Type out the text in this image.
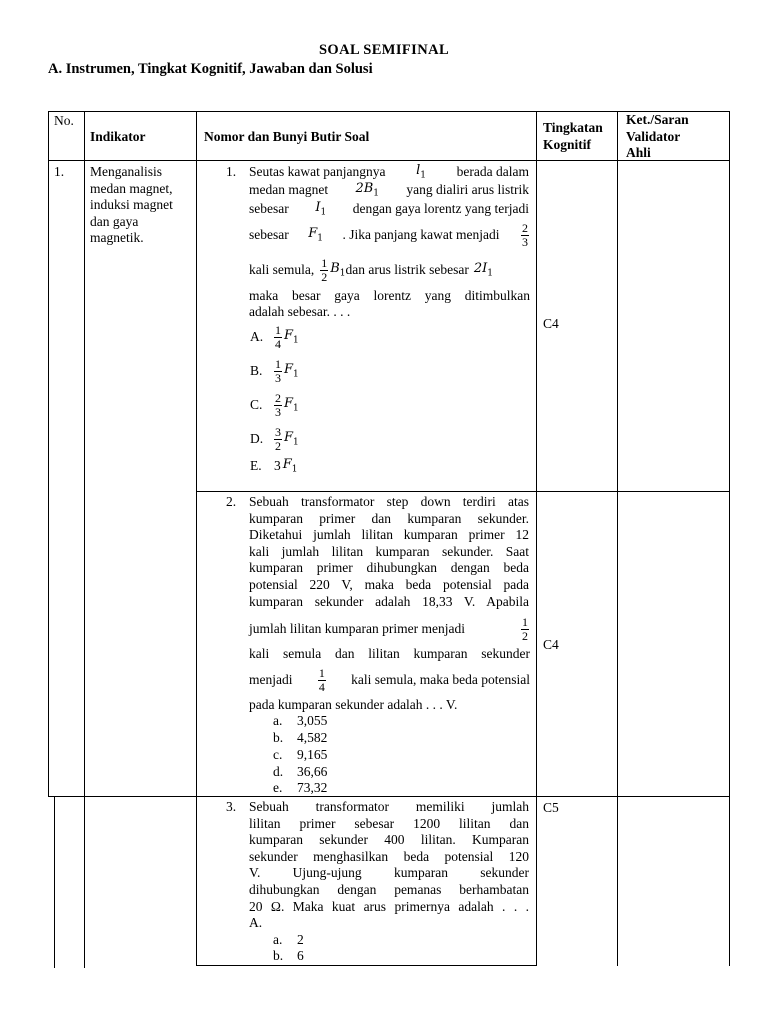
SOAL SEMIFINAL
A. Instrumen, Tingkat Kognitif, Jawaban dan Solusi
No.
Indikator	Nomor dan Bunyi Butir Soal
Tingkatan
Kognitif
Ket./Saran
Validator
Ahli
1. Menganalisis
medan magnet,
induksi magnet
dan gaya
magnetik.
1. Seutas kawat panjangnya $l_1$ berada dalam
medan magnet $2B_1$ yang dialiri arus listrik
sebesar $I_1$ dengan gaya lorentz yang terjadi
sebesar $F_1$ . Jika panjang kawat menjadi $\frac{2}{3}$
kali semula, $\frac{1}{2} B_1$ dan arus listrik sebesar $2I_1$
maka besar gaya lorentz yang ditimbulkan
adalah sebesar. . . .
C4
A. $\frac{1}{4} F_1$
B. $\frac{1}{3} F_1$
C. $\frac{2}{3} F_1$
D. $\frac{3}{2} F_1$
E. 3 $F_1$
2. Sebuah transformator step down terdiri atas
kumparan primer dan kumparan sekunder.
Diketahui jumlah lilitan kumparan primer 12
kali jumlah lilitan kumparan sekunder. Saat
kumparan primer dihubungkan dengan beda
potensial 220 V, maka beda potensial pada
kumparan sekunder adalah 18,33 V. Apabila
jumlah lilitan kumparan primer menjadi	$\frac{1}{2}$
kali semula dan lilitan kumparan sekunder
menjadi $\frac{1}{4}$ kali semula, maka beda potensial
pada kumparan sekunder adalah . . . V.
C4
a. 3,055
b. 4,582
c. 9,165
d. 36,66
e. 73,32
3. Sebuah transformator memiliki jumlah
lilitan primer sebesar 1200 lilitan dan
kumparan sekunder 400 lilitan. Kumparan
sekunder menghasilkan beda potensial 120
V. Ujung-ujung kumparan sekunder
dihubungkan dengan pemanas berhambatan
20 Ω. Maka kuat arus primernya adalah . . .
A.
C5
a. 2
b. 6
